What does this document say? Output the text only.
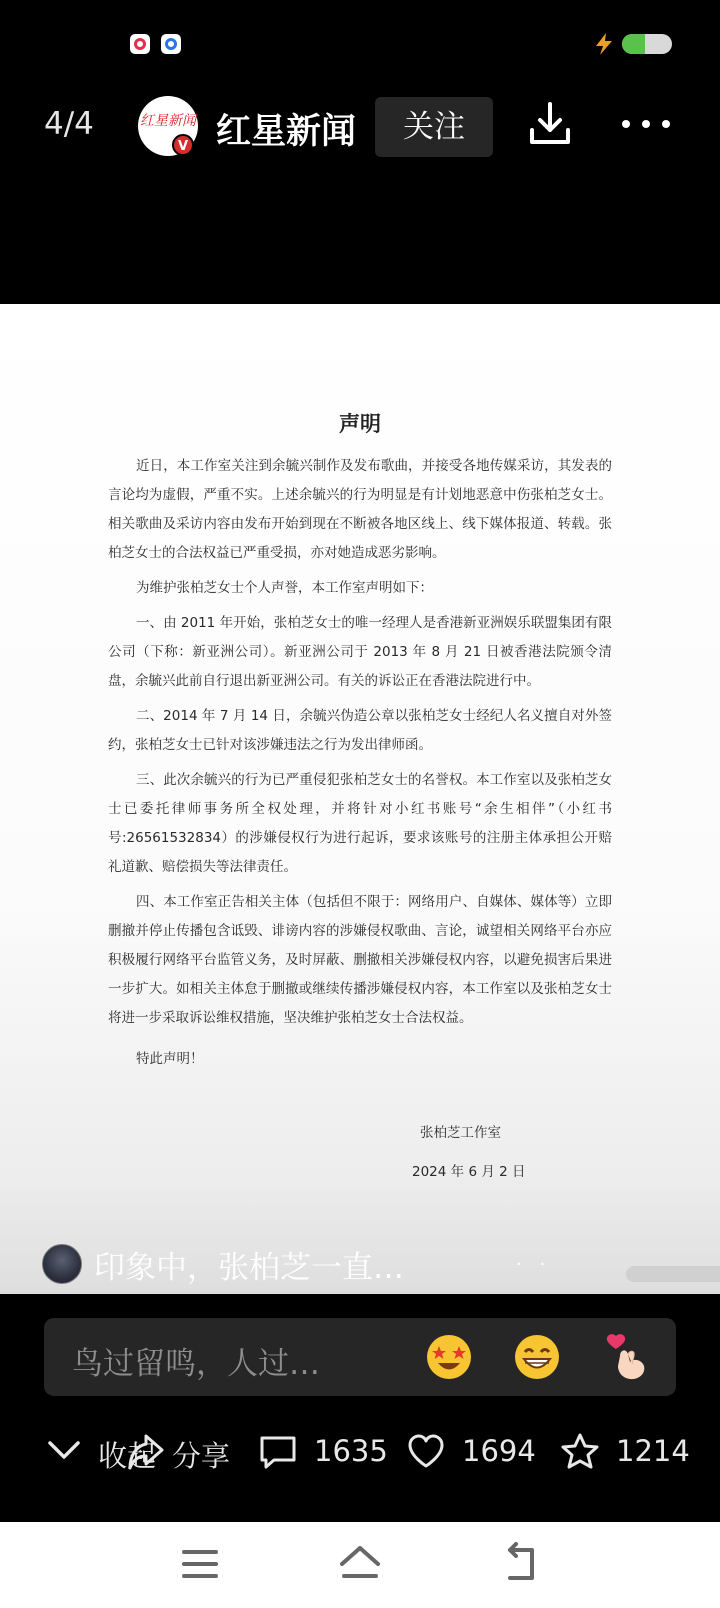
4/4	红星新闻
V 红星新闻	关注
声明

近日，本工作室关注到余毓兴制作及发布歌曲，并接受各地传媒采访，其发表的言论均为虚假，严重不实。上述余毓兴的行为明显是有计划地恶意中伤张柏芝女士。相关歌曲及采访内容由发布开始到现在不断被各地区线上、线下媒体报道、转载。张柏芝女士的合法权益已严重受损，亦对她造成恶劣影响。

为维护张柏芝女士个人声誉，本工作室声明如下：

一、由 2011 年开始，张柏芝女士的唯一经理人是香港新亚洲娱乐联盟集团有限公司（下称：新亚洲公司）。新亚洲公司于 2013 年 8 月 21 日被香港法院颁令清盘，余毓兴此前自行退出新亚洲公司。有关的诉讼正在香港法院进行中。

二、2014 年 7 月 14 日，余毓兴伪造公章以张柏芝女士经纪人名义擅自对外签约，张柏芝女士已针对该涉嫌违法之行为发出律师函。

三、此次余毓兴的行为已严重侵犯张柏芝女士的名誉权。本工作室以及张柏芝女士已委托律师事务所全权处理，并将针对小红书账号“余生相伴”（小红书号:26561532834）的涉嫌侵权行为进行起诉，要求该账号的注册主体承担公开赔礼道歉、赔偿损失等法律责任。

四、本工作室正告相关主体（包括但不限于：网络用户、自媒体、媒体等）立即删撤并停止传播包含诋毁、诽谤内容的涉嫌侵权歌曲、言论，诚望相关网络平台亦应积极履行网络平台监管义务，及时屏蔽、删撤相关涉嫌侵权内容，以避免损害后果进一步扩大。如相关主体怠于删撤或继续传播涉嫌侵权内容，本工作室以及张柏芝女士将进一步采取诉讼维权措施，坚决维护张柏芝女士合法权益。

特此声明！

张柏芝工作室
2024 年 6 月 2 日
印象中，张柏芝一直…	· ·
鸟过留鸣，人过…
收起 分享	1635	1694	1214
